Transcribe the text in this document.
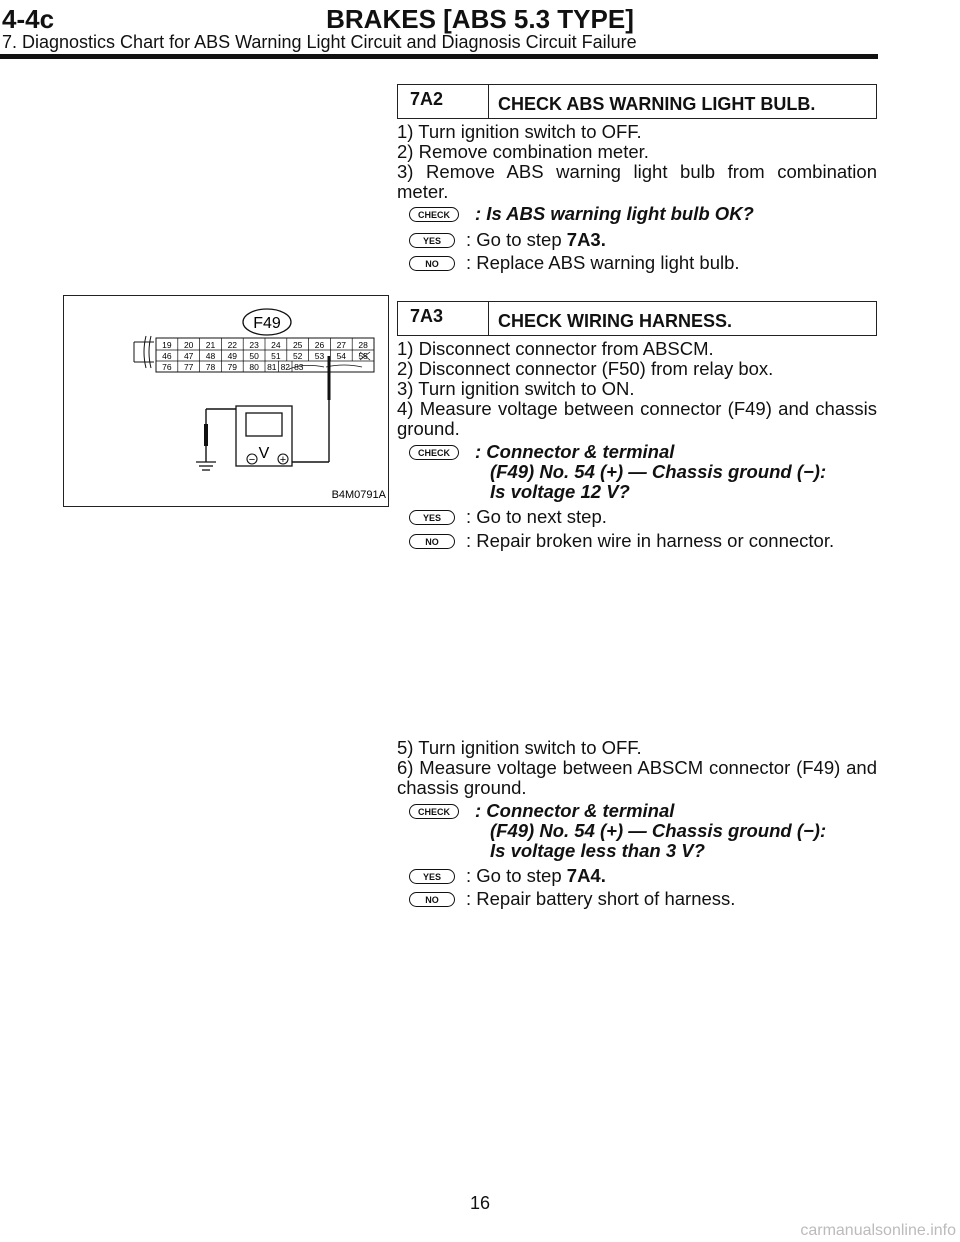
4-4c	BRAKES [ABS 5.3 TYPE]
7. Diagnostics Chart for ABS Warning Light Circuit and Diagnosis Circuit Failure
7A2	CHECK ABS WARNING LIGHT BULB.
1) Turn ignition switch to OFF.
2) Remove combination meter.
3) Remove ABS warning light bulb from combination
meter.
CHECK	: Is ABS warning light bulb OK?
YES	: Go to step 7A3.
NO	: Replace ABS warning light bulb.
7A3	CHECK WIRING HARNESS.
1) Disconnect connector from ABSCM.
2) Disconnect connector (F50) from relay box.
3) Turn ignition switch to ON.
4) Measure voltage between connector (F49) and chassis
ground.
CHECK	: Connector & terminal
(F49) No. 54 (+) — Chassis ground (−):
Is voltage 12 V?
YES	: Go to next step.
NO	: Repair broken wire in harness or connector.
5) Turn ignition switch to OFF.
6) Measure voltage between ABSCM connector (F49) and
chassis ground.
CHECK	: Connector & terminal
(F49) No. 54 (+) — Chassis ground (−):
Is voltage less than 3 V?
YES	: Go to step 7A4.
NO	: Repair battery short of harness.
F49
19 20 21 22 23 24 25 26 27 28
46 47 48 49 50 51 52 53 54 55
76 77 78 79 80 81 82 83
V
− +
B4M0791A
16
carmanualsonline.info
